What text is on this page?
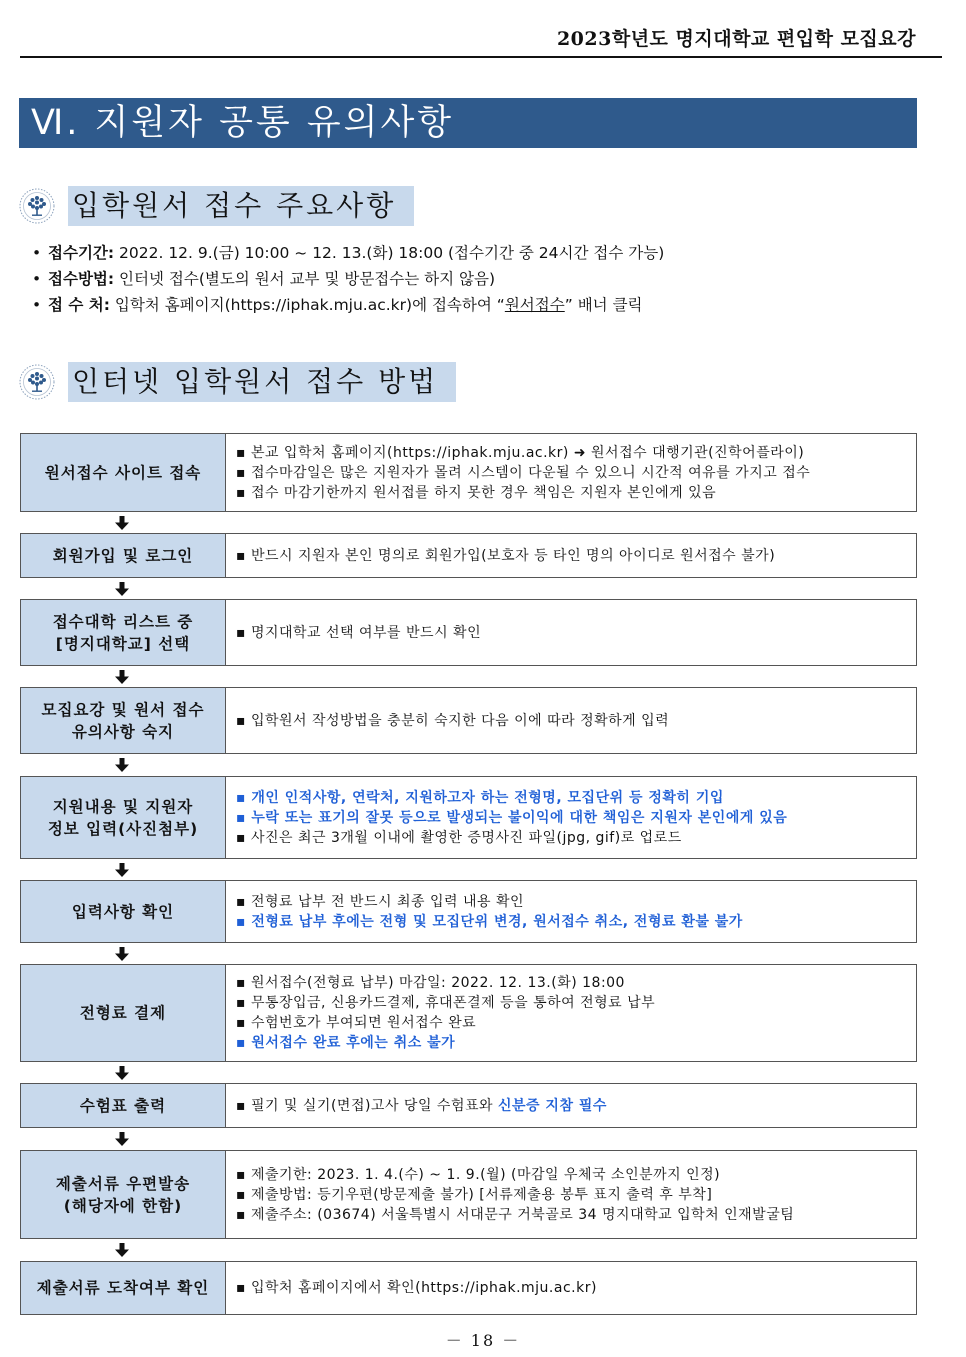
2023학년도 명지대학교 편입학 모집요강
Ⅵ. 지원자 공통 유의사항
입학원서 접수 주요사항
• 접수기간: 2022. 12. 9.(금) 10:00 ~ 12. 13.(화) 18:00 (접수기간 중 24시간 접수 가능)
• 접수방법: 인터넷 접수(별도의 원서 교부 및 방문접수는 하지 않음)
• 접 수 처: 입학처 홈페이지(https://iphak.mju.ac.kr)에 접속하여 “원서접수” 배너 클릭
인터넷 입학원서 접수 방법
원서접수 사이트 접속
▪ 본교 입학처 홈페이지(https://iphak.mju.ac.kr) ➜ 원서접수 대행기관(진학어플라이)
▪ 접수마감일은 많은 지원자가 몰려 시스템이 다운될 수 있으니 시간적 여유를 가지고 접수
▪ 접수 마감기한까지 원서접를 하지 못한 경우 책임은 지원자 본인에게 있음
회원가입 및 로그인	▪ 반드시 지원자 본인 명의로 회원가입(보호자 등 타인 명의 아이디로 원서접수 불가)
접수대학 리스트 중
[명지대학교] 선택
▪ 명지대학교 선택 여부를 반드시 확인
모집요강 및 원서 접수
유의사항 숙지
▪ 입학원서 작성방법을 충분히 숙지한 다음 이에 따라 정확하게 입력
지원내용 및 지원자
정보 입력(사진첨부)
▪ 개인 인적사항, 연락처, 지원하고자 하는 전형명, 모집단위 등 정확히 기입
▪ 누락 또는 표기의 잘못 등으로 발생되는 불이익에 대한 책임은 지원자 본인에게 있음
▪ 사진은 최근 3개월 이내에 촬영한 증명사진 파일(jpg, gif)로 업로드
입력사항 확인
▪ 전형료 납부 전 반드시 최종 입력 내용 확인
▪ 전형료 납부 후에는 전형 및 모집단위 변경, 원서접수 취소, 전형료 환불 불가
전형료 결제
▪ 원서접수(전형료 납부) 마감일: 2022. 12. 13.(화) 18:00
▪ 무통장입금, 신용카드결제, 휴대폰결제 등을 통하여 전형료 납부
▪ 수험번호가 부여되면 원서접수 완료
▪ 원서접수 완료 후에는 취소 불가
수험표 출력	▪ 필기 및 실기(면접)고사 당일 수험표와 신분증 지참 필수
제출서류 우편발송
(해당자에 한함)
▪ 제출기한: 2023. 1. 4.(수) ~ 1. 9.(월) (마감일 우체국 소인분까지 인정)
▪ 제출방법: 등기우편(방문제출 불가) [서류제출용 봉투 표지 출력 후 부착]
▪ 제출주소: (03674) 서울특별시 서대문구 거북골로 34 명지대학교 입학처 인재발굴팀
제출서류 도착여부 확인 ▪ 입학처 홈페이지에서 확인(https://iphak.mju.ac.kr)
－ 18 －
